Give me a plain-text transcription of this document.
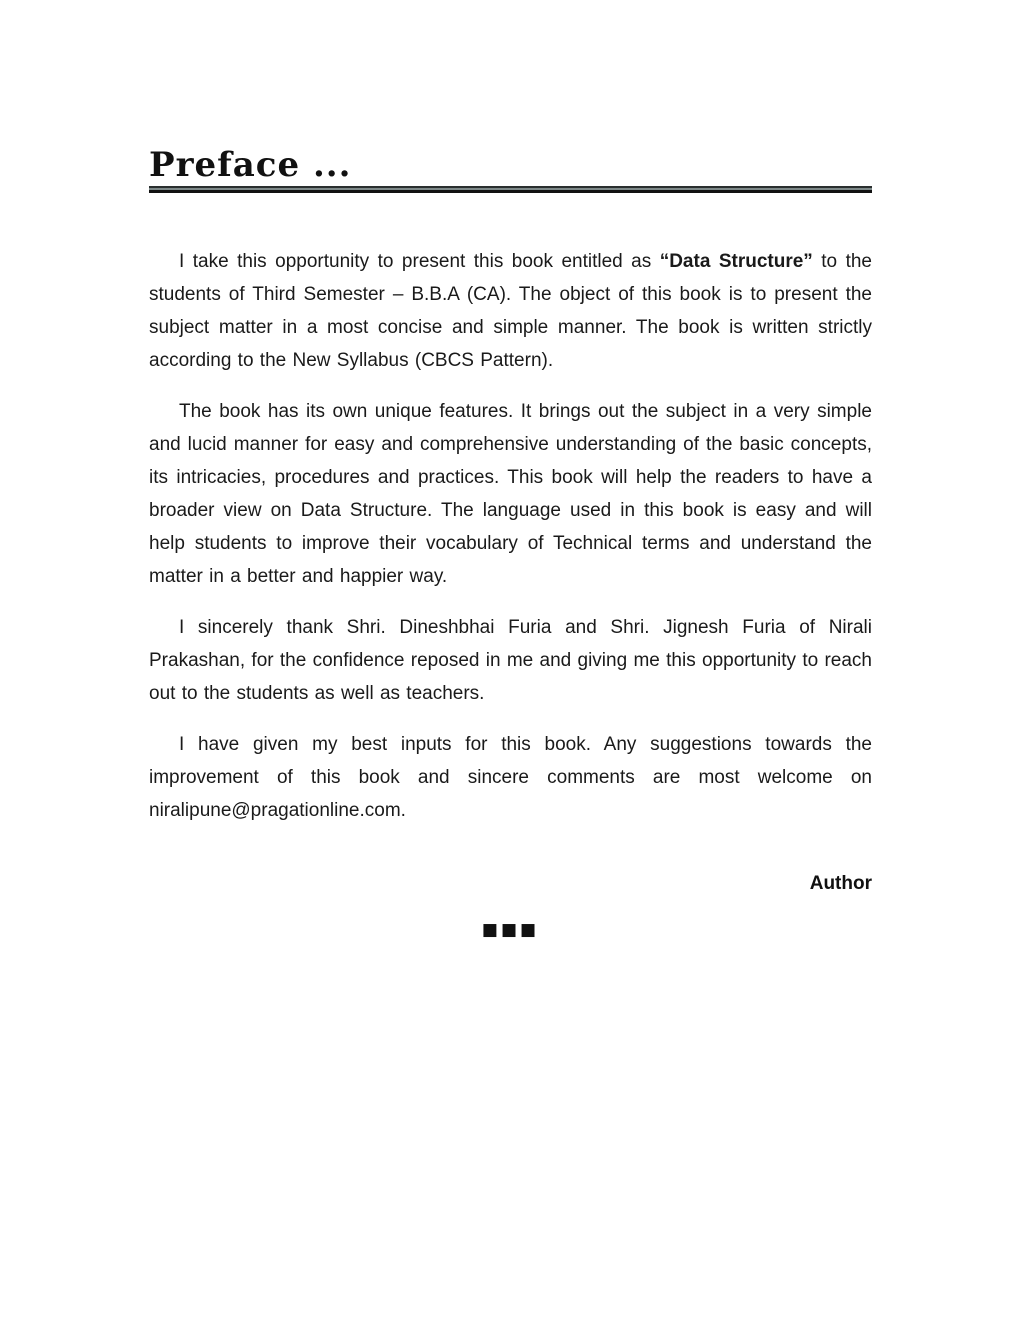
Preface ...

I take this opportunity to present this book entitled as “Data Structure” to the students of Third Semester – B.B.A (CA). The object of this book is to present the subject matter in a most concise and simple manner. The book is written strictly according to the New Syllabus (CBCS Pattern).

The book has its own unique features. It brings out the subject in a very simple and lucid manner for easy and comprehensive understanding of the basic concepts, its intricacies, procedures and practices. This book will help the readers to have a broader view on Data Structure. The language used in this book is easy and will help students to improve their vocabulary of Technical terms and understand the matter in a better and happier way.

I sincerely thank Shri. Dineshbhai Furia and Shri. Jignesh Furia of Nirali Prakashan, for the confidence reposed in me and giving me this opportunity to reach out to the students as well as teachers.

I have given my best inputs for this book. Any suggestions towards the improvement of this book and sincere comments are most welcome on niralipune@pragationline.com.

Author
■■■
